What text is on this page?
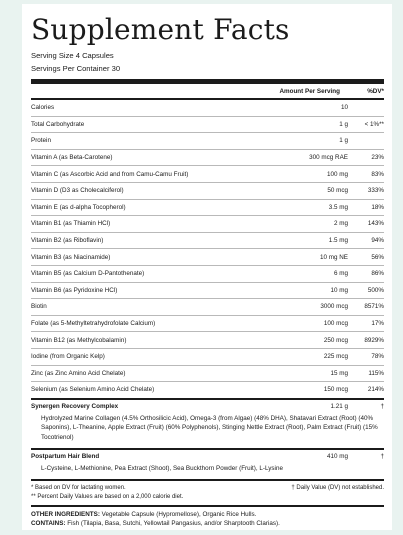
Supplement Facts
Serving Size 4 Capsules
Servings Per Container 30
Amount Per Serving	%DV*
Calories	10
Total Carbohydrate	1 g	< 1%**
Protein	1 g
Vitamin A (as Beta-Carotene)	300 mcg RAE	23%
Vitamin C (as Ascorbic Acid and from Camu-Camu Fruit)	100 mg	83%
Vitamin D (D3 as Cholecalciferol)	50 mcg	333%
Vitamin E (as d-alpha Tocopherol)	3.5 mg	18%
Vitamin B1 (as Thiamin HCl)	2 mg	143%
Vitamin B2 (as Riboflavin)	1.5 mg	94%
Vitamin B3 (as Niacinamide)	10 mg NE	56%
Vitamin B5 (as Calcium D-Pantothenate)	6 mg	86%
Vitamin B6 (as Pyridoxine HCl)	10 mg	500%
Biotin	3000 mcg	8571%
Folate (as 5-Methyltetrahydrofolate Calcium)	100 mcg	17%
Vitamin B12 (as Methylcobalamin)	250 mcg	8929%
Iodine (from Organic Kelp)	225 mcg	78%
Zinc (as Zinc Amino Acid Chelate)	15 mg	115%
Selenium (as Selenium Amino Acid Chelate)	150 mcg	214%
Synergen Recovery Complex	1.21 g	†
Hydrolyzed Marine Collagen (4.5% Orthosilicic Acid), Omega-3 (from Algae) (48% DHA), Shatavari Extract (Root) (40% Saponins), L-Theanine, Apple Extract (Fruit) (60% Polyphenols), Stinging Nettle Extract (Root), Palm Extract (Fruit) (15% Tocotrienol)
Postpartum Hair Blend	410 mg	†
L-Cysteine, L-Methionine, Pea Extract (Shoot), Sea Buckthorn Powder (Fruit), L-Lysine
* Based on DV for lactating women.
** Percent Daily Values are based on a 2,000 calorie diet.
† Daily Value (DV) not established.
OTHER INGREDIENTS: Vegetable Capsule (Hypromellose), Organic Rice Hulls.
CONTAINS: Fish (Tilapia, Basa, Sutchi, Yellowtail Pangasius, and/or Sharptooth Clarias).
